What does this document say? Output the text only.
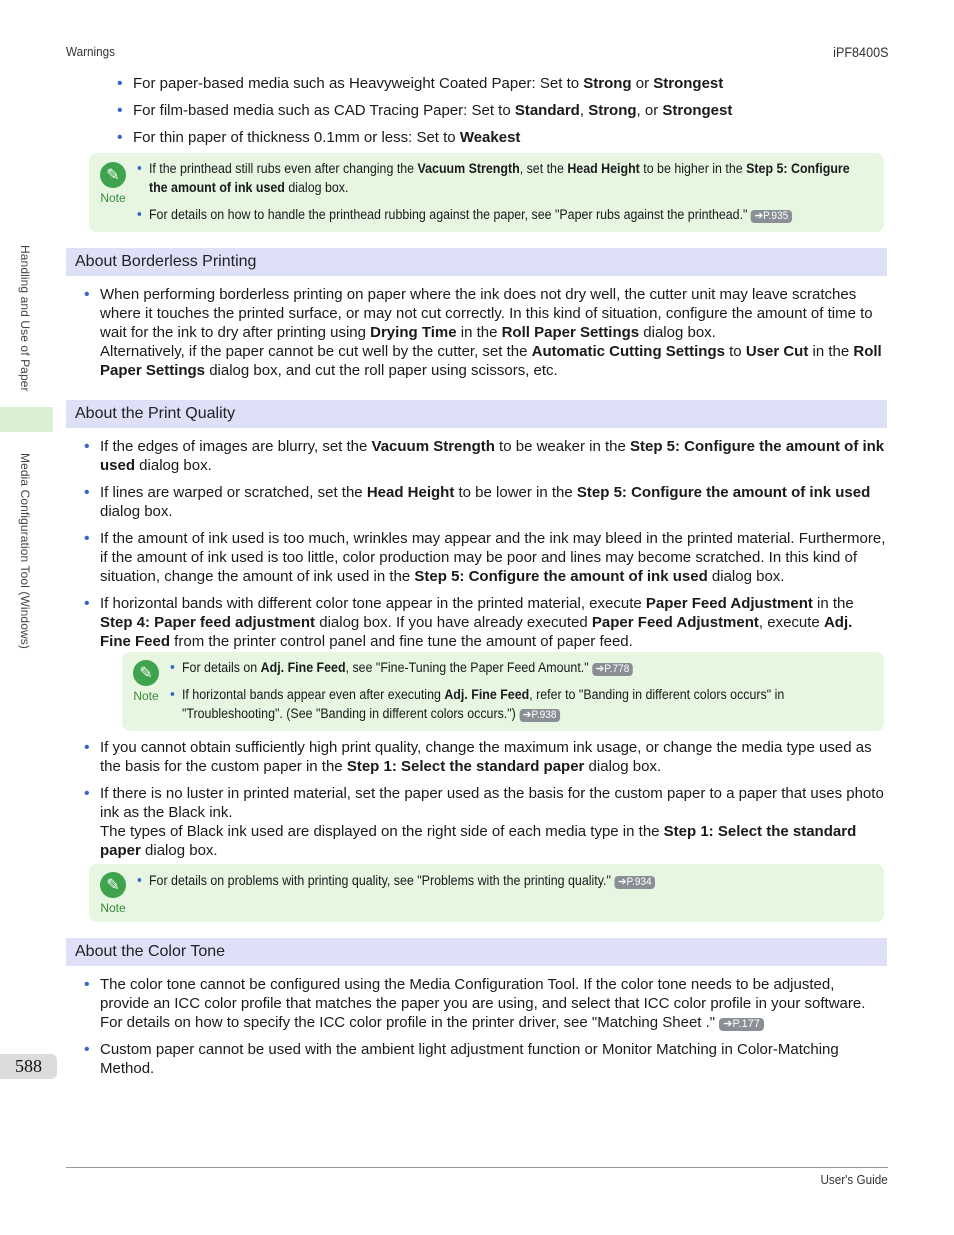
Warnings	iPF8400S
Handling and Use of Paper
Media Configuration Tool (Windows)
• For paper-based media such as Heavyweight Coated Paper: Set to Strong or Strongest
• For film-based media such as CAD Tracing Paper: Set to Standard, Strong, or Strongest
• For thin paper of thickness 0.1mm or less: Set to Weakest
✎
Note
• If the printhead still rubs even after changing the Vacuum Strength, set the Head Height to be higher in the Step 5: Configure the amount of ink used dialog box.
• For details on how to handle the printhead rubbing against the paper, see "Paper rubs against the printhead." ➔P.935
About Borderless Printing
• When performing borderless printing on paper where the ink does not dry well, the cutter unit may leave scratches where it touches the printed surface, or may not cut correctly. In this kind of situation, configure the amount of time to wait for the ink to dry after printing using Drying Time in the Roll Paper Settings dialog box.
Alternatively, if the paper cannot be cut well by the cutter, set the Automatic Cutting Settings to User Cut in the Roll Paper Settings dialog box, and cut the roll paper using scissors, etc.
About the Print Quality
• If the edges of images are blurry, set the Vacuum Strength to be weaker in the Step 5: Configure the amount of ink used dialog box.
• If lines are warped or scratched, set the Head Height to be lower in the Step 5: Configure the amount of ink used dialog box.
• If the amount of ink used is too much, wrinkles may appear and the ink may bleed in the printed material. Furthermore, if the amount of ink used is too little, color production may be poor and lines may become scratched. In this kind of situation, change the amount of ink used in the Step 5: Configure the amount of ink used dialog box.
• If horizontal bands with different color tone appear in the printed material, execute Paper Feed Adjustment in the Step 4: Paper feed adjustment dialog box. If you have already executed Paper Feed Adjustment, execute Adj. Fine Feed from the printer control panel and fine tune the amount of paper feed.
✎
Note
• For details on Adj. Fine Feed, see "Fine-Tuning the Paper Feed Amount." ➔P.778
• If horizontal bands appear even after executing Adj. Fine Feed, refer to "Banding in different colors occurs" in "Troubleshooting". (See "Banding in different colors occurs.") ➔P.938
• If you cannot obtain sufficiently high print quality, change the maximum ink usage, or change the media type used as the basis for the custom paper in the Step 1: Select the standard paper dialog box.
• If there is no luster in printed material, set the paper used as the basis for the custom paper to a paper that uses photo ink as the Black ink.
The types of Black ink used are displayed on the right side of each media type in the Step 1: Select the standard paper dialog box.
✎
Note
• For details on problems with printing quality, see "Problems with the printing quality." ➔P.934
About the Color Tone
• The color tone cannot be configured using the Media Configuration Tool. If the color tone needs to be adjusted, provide an ICC color profile that matches the paper you are using, and select that ICC color profile in your software. For details on how to specify the ICC color profile in the printer driver, see "Matching Sheet ." ➔P.177
• Custom paper cannot be used with the ambient light adjustment function or Monitor Matching in Color-Matching Method.
588
User's Guide
